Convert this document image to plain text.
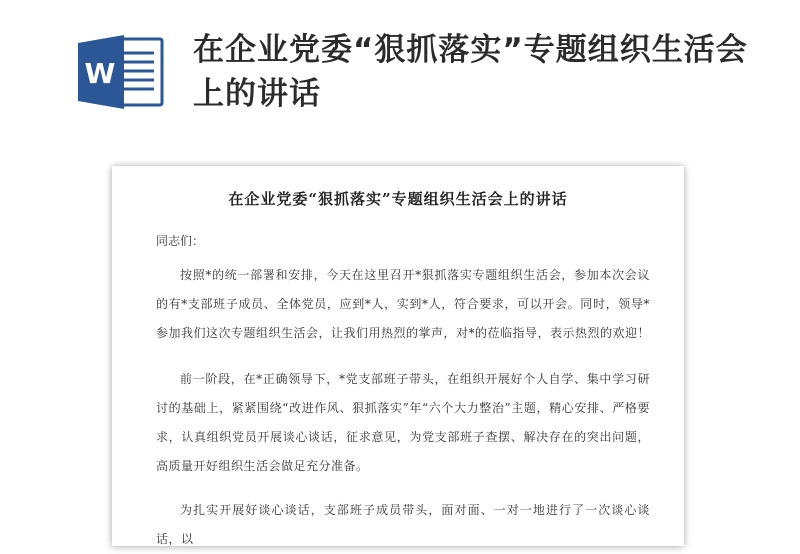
W
在企业党委“狠抓落实”专题组织生活会上的讲话
在企业党委“狠抓落实”专题组织生活会上的讲话
同志们：
按照*的统一部署和安排，今天在这里召开*狠抓落实专题组织生活会，参加本次会议的有*支部班子成员、全体党员，应到*人，实到*人，符合要求，可以开会。同时，领导*参加我们这次专题组织生活会，让我们用热烈的掌声，对*的莅临指导，表示热烈的欢迎！
前一阶段，在*正确领导下，*党支部班子带头，在组织开展好个人自学、集中学习研讨的基础上，紧紧围绕“改进作风、狠抓落实”年“六个大力整治”主题，精心安排、严格要求，认真组织党员开展谈心谈话，征求意见，为党支部班子查摆、解决存在的突出问题，高质量开好组织生活会做足充分准备。
为扎实开展好谈心谈话，支部班子成员带头，面对面、一对一地进行了一次谈心谈话，以
